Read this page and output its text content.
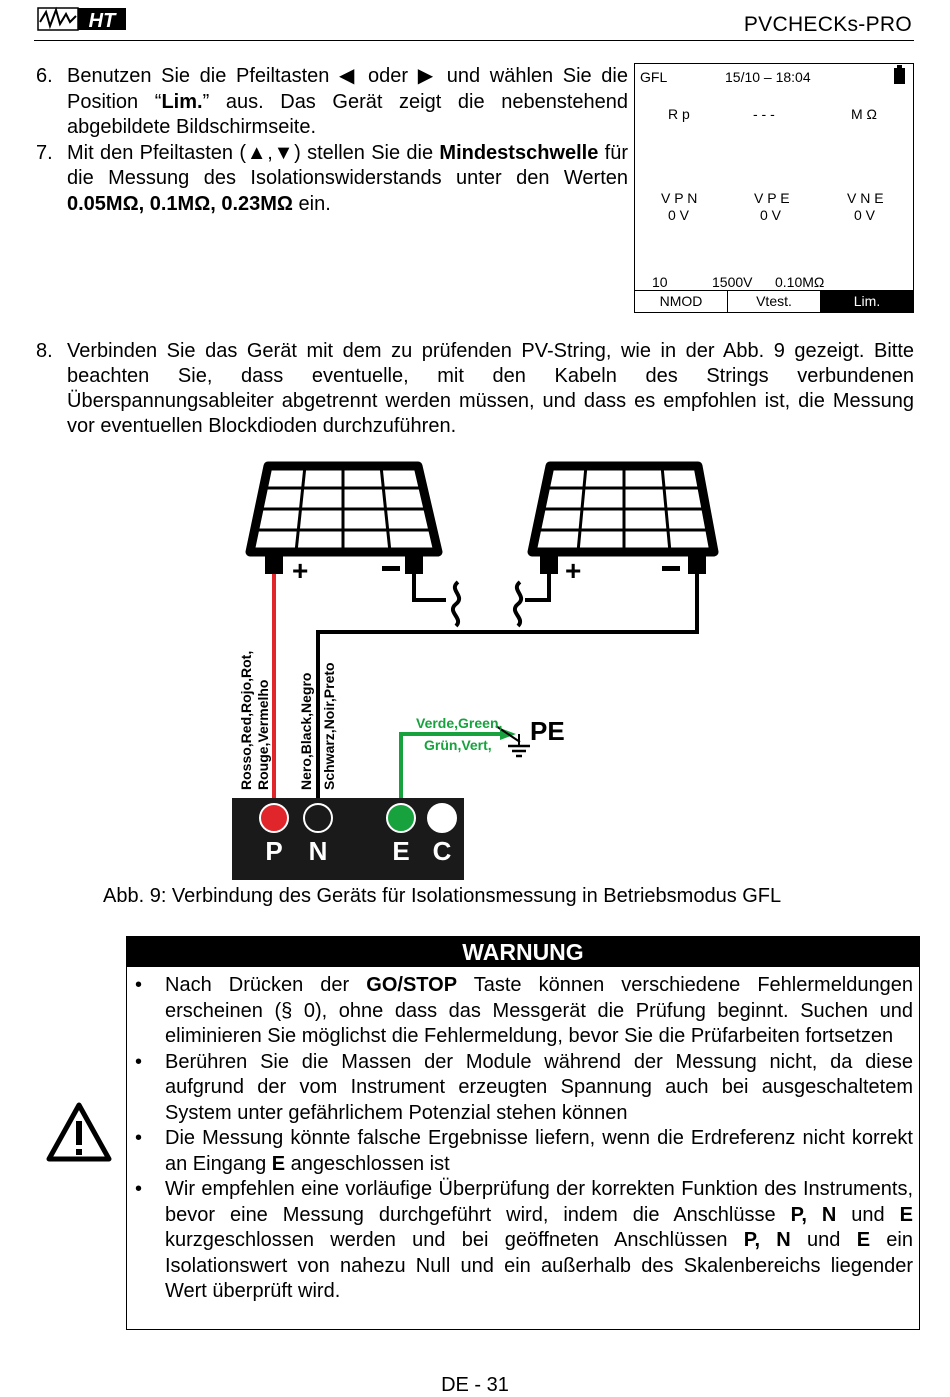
HT	PVCHECKs-PRO
6. Benutzen Sie die Pfeiltasten ◀ oder ▶ und wählen Sie die Position “Lim.” aus. Das Gerät zeigt die nebenstehend abgebildete Bildschirmseite.
7. Mit den Pfeiltasten (▲,▼) stellen Sie die Mindestschwelle für die Messung des Isolationswiderstands unter den Werten 0.05MΩ, 0.1MΩ, 0.23MΩ ein.
GFL	15/10 – 18:04
R p	- - -	M Ω
V P N
0 V
V P E
0 V
V N E
0 V
10	1500V 0.10MΩ
NMOD	Vtest.	Lim.
8. Verbinden Sie das Gerät mit dem zu prüfenden PV-String, wie in der Abb. 9 gezeigt. Bitte beachten Sie, dass eventuelle, mit den Kabeln des Strings verbundenen Überspannungsableiter abgetrennt werden müssen, und dass es empfohlen ist, die Messung vor eventuellen Blockdioden durchzuführen.
+	+
PE
Rosso,Red,Rojo,Rot, Rouge,Vermelho Nero,Black,Negro Schwarz,Noir,Preto	Verde,Green,
Grün,Vert,
P N E C
Abb. 9: Verbindung des Geräts für Isolationsmessung in Betriebsmodus GFL
WARNUNG
•	Nach Drücken der GO/STOP Taste können verschiedene Fehlermeldungen erscheinen (§ 0), ohne dass das Messgerät die Prüfung beginnt. Suchen und eliminieren Sie möglichst die Fehlermeldung, bevor Sie die Prüfarbeiten fortsetzen
•	Berühren Sie die Massen der Module während der Messung nicht, da diese aufgrund der vom Instrument erzeugten Spannung auch bei ausgeschaltetem System unter gefährlichem Potenzial stehen können
•	Die Messung könnte falsche Ergebnisse liefern, wenn die Erdreferenz nicht korrekt an Eingang E angeschlossen ist
•	Wir empfehlen eine vorläufige Überprüfung der korrekten Funktion des Instruments, bevor eine Messung durchgeführt wird, indem die Anschlüsse P, N und E kurzgeschlossen werden und bei geöffneten Anschlüssen P, N und E ein Isolationswert von nahezu Null und ein außerhalb des Skalenbereichs liegender Wert überprüft wird.
DE - 31
